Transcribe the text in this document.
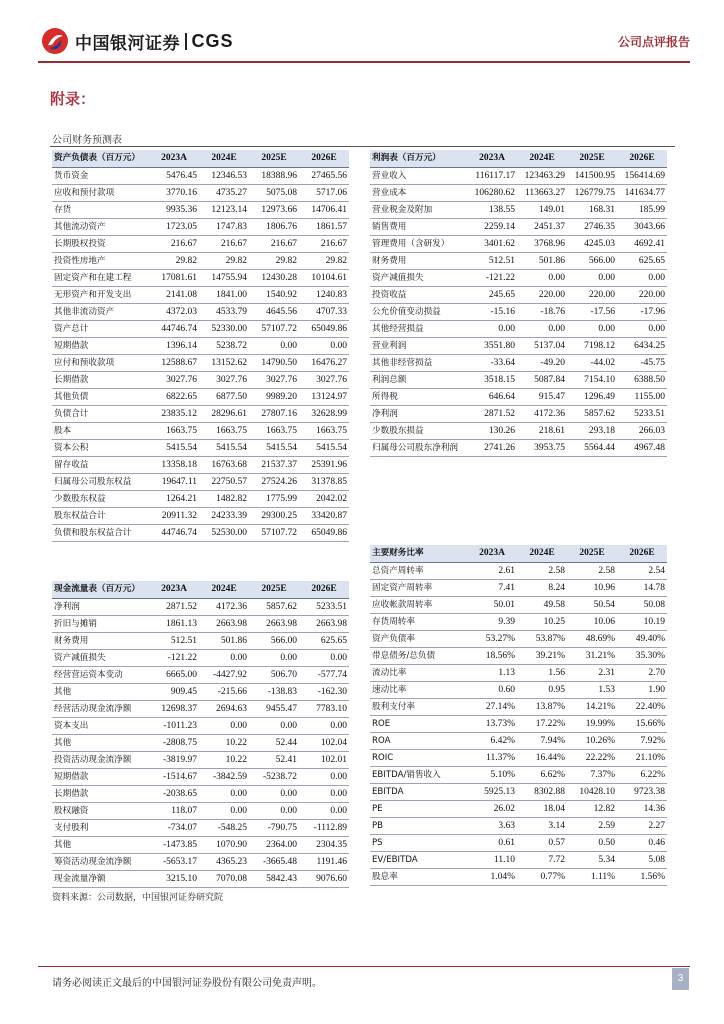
中国银河证券 CGS	公司点评报告
附录：
公司财务预测表
资产负债表（百万元）	2023A	2024E	2025E	2026E
货币资金	5476.45	12346.53	18388.96	27465.56
应收和预付款项	3770.16	4735.27	5075.08	5717.06
存货	9935.36	12123.14	12973.66	14706.41
其他流动资产	1723.05	1747.83	1806.76	1861.57
长期股权投资	216.67	216.67	216.67	216.67
投资性房地产	29.82	29.82	29.82	29.82
固定资产和在建工程	17081.61	14755.94	12430.28	10104.61
无形资产和开发支出	2141.08	1841.00	1540.92	1240.83
其他非流动资产	4372.03	4533.79	4645.56	4707.33
资产总计	44746.74	52330.00	57107.72	65049.86
短期借款	1396.14	5238.72	0.00	0.00
应付和预收款项	12588.67	13152.62	14790.50	16476.27
长期借款	3027.76	3027.76	3027.76	3027.76
其他负债	6822.65	6877.50	9989.20	13124.97
负债合计	23835.12	28296.61	27807.16	32628.99
股本	1663.75	1663.75	1663.75	1663.75
资本公积	5415.54	5415.54	5415.54	5415.54
留存收益	13358.18	16763.68	21537.37	25391.96
归属母公司股东权益	19647.11	22750.57	27524.26	31378.85
少数股东权益	1264.21	1482.82	1775.99	2042.02
股东权益合计	20911.32	24233.39	29300.25	33420.87
负债和股东权益合计	44746.74	52530.00	57107.72	65049.86
利润表（百万元）	2023A	2024E	2025E	2026E
营业收入	116117.17	123463.29	141500.95	156414.69
营业成本	106280.62	113663.27	126779.75	141634.77
营业税金及附加	138.55	149.01	168.31	185.99
销售费用	2259.14	2451.37	2746.35	3043.66
管理费用（含研发）	3401.62	3768.96	4245.03	4692.41
财务费用	512.51	501.86	566.00	625.65
资产减值损失	-121.22	0.00	0.00	0.00
投资收益	245.65	220.00	220.00	220.00
公允价值变动损益	-15.16	-18.76	-17.56	-17.96
其他经营损益	0.00	0.00	0.00	0.00
营业利润	3551.80	5137.04	7198.12	6434.25
其他非经营损益	-33.64	-49.20	-44.02	-45.75
利润总额	3518.15	5087.84	7154.10	6388.50
所得税	646.64	915.47	1296.49	1155.00
净利润	2871.52	4172.36	5857.62	5233.51
少数股东损益	130.26	218.61	293.18	266.03
归属母公司股东净利润	2741.26	3953.75	5564.44	4967.48
主要财务比率	2023A	2024E	2025E	2026E
总资产周转率	2.61	2.58	2.58	2.54
固定资产周转率	7.41	8.24	10.96	14.78
应收帐款周转率	50.01	49.58	50.54	50.08
存货周转率	9.39	10.25	10.06	10.19
资产负债率	53.27%	53.87%	48.69%	49.40%
带息债务/总负债	18.56%	39.21%	31.21%	35.30%
流动比率	1.13	1.56	2.31	2.70
速动比率	0.60	0.95	1.53	1.90
股利支付率	27.14%	13.87%	14.21%	22.40%
ROE	13.73%	17.22%	19.99%	15.66%
ROA	6.42%	7.94%	10.26%	7.92%
ROIC	11.37%	16.44%	22.22%	21.10%
EBITDA/销售收入	5.10%	6.62%	7.37%	6.22%
EBITDA	5925.13	8302.88	10428.10	9723.38
PE	26.02	18.04	12.82	14.36
PB	3.63	3.14	2.59	2.27
PS	0.61	0.57	0.50	0.46
EV/EBITDA	11.10	7.72	5.34	5.08
股息率	1.04%	0.77%	1.11%	1.56%
现金流量表（百万元）	2023A	2024E	2025E	2026E
净利润	2871.52	4172.36	5857.62	5233.51
折旧与摊销	1861.13	2663.98	2663.98	2663.98
财务费用	512.51	501.86	566.00	625.65
资产减值损失	-121.22	0.00	0.00	0.00
经营营运资本变动	6665.00	-4427.92	506.70	-577.74
其他	909.45	-215.66	-138.83	-162.30
经营活动现金流净额	12698.37	2694.63	9455.47	7783.10
资本支出	-1011.23	0.00	0.00	0.00
其他	-2808.75	10.22	52.44	102.04
投资活动现金流净额	-3819.97	10.22	52.41	102.01
短期借款	-1514.67	-3842.59	-5238.72	0.00
长期借款	-2038.65	0.00	0.00	0.00
股权融资	118.07	0.00	0.00	0.00
支付股利	-734.07	-548.25	-790.75	-1112.89
其他	-1473.85	1070.90	2364.00	2304.35
筹资活动现金流净额	-5653.17	4365.23	-3665.48	1191.46
现金流量净额	3215.10	7070.08	5842.43	9076.60
资料来源：公司数据，中国银河证券研究院
请务必阅读正文最后的中国银河证券股份有限公司免责声明。	3
